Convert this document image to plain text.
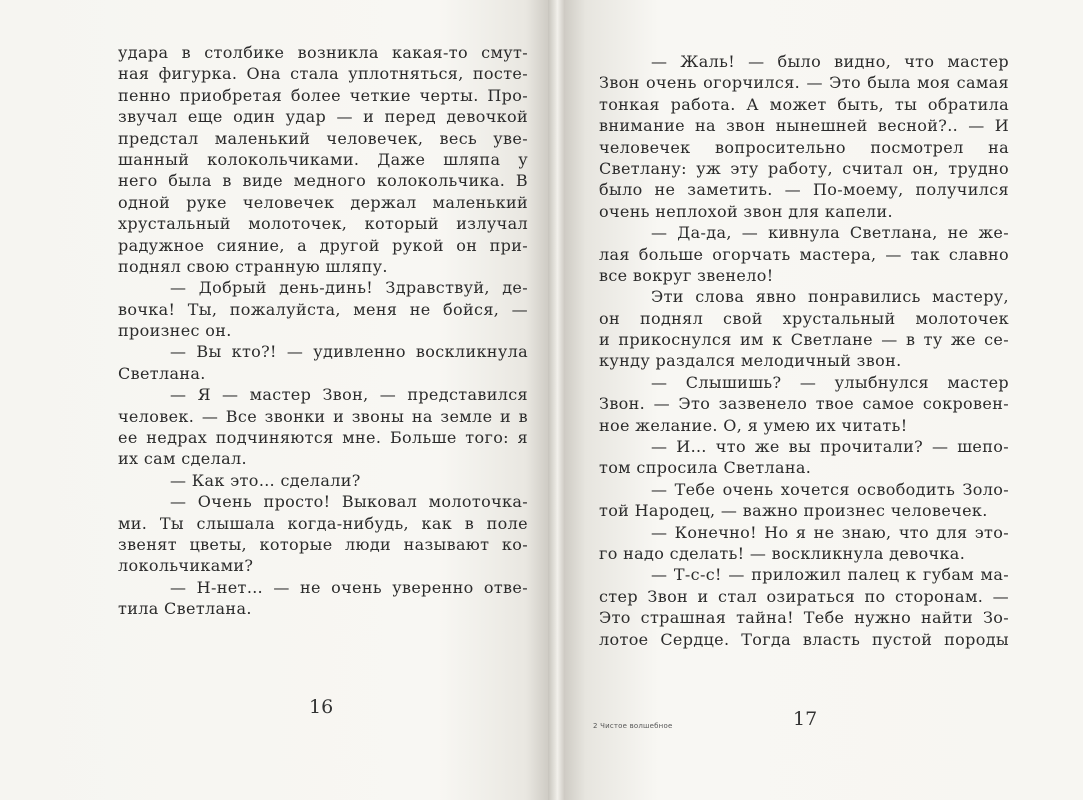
удара в столбике возникла какая-то смут-
ная фигурка. Она стала уплотняться, посте-
пенно приобретая более четкие черты. Про-
звучал еще один удар — и перед девочкой
предстал маленький человечек, весь уве-
шанный колокольчиками. Даже шляпа у
него была в виде медного колокольчика. В
одной руке человечек держал маленький
хрустальный молоточек, который излучал
радужное сияние, а другой рукой он при-
поднял свою странную шляпу.
— Добрый день-динь! Здравствуй, де-
вочка! Ты, пожалуйста, меня не бойся, —
произнес он.
— Вы кто?! — удивленно воскликнула
Светлана.
— Я — мастер Звон, — представился
человек. — Все звонки и звоны на земле и в
ее недрах подчиняются мне. Больше того: я
их сам сделал.
— Как это… сделали?
— Очень просто! Выковал молоточка-
ми. Ты слышала когда-нибудь, как в поле
звенят цветы, которые люди называют ко-
локольчиками?
— Н-нет… — не очень уверенно отве-
тила Светлана.
16
— Жаль! — было видно, что мастер
Звон очень огорчился. — Это была моя самая
тонкая работа. А может быть, ты обратила
внимание на звон нынешней весной?.. — И
человечек вопросительно посмотрел на
Светлану: уж эту работу, считал он, трудно
было не заметить. — По-моему, получился
очень неплохой звон для капели.
— Да-да, — кивнула Светлана, не же-
лая больше огорчать мастера, — так славно
все вокруг звенело!
Эти слова явно понравились мастеру,
он поднял свой хрустальный молоточек
и прикоснулся им к Светлане — в ту же се-
кунду раздался мелодичный звон.
— Слышишь? — улыбнулся мастер
Звон. — Это зазвенело твое самое сокровен-
ное желание. О, я умею их читать!
— И… что же вы прочитали? — шепо-
том спросила Светлана.
— Тебе очень хочется освободить Золо-
той Народец, — важно произнес человечек.
— Конечно! Но я не знаю, что для это-
го надо сделать! — воскликнула девочка.
— Т-с-с! — приложил палец к губам ма-
стер Звон и стал озираться по сторонам. —
Это страшная тайна! Тебе нужно найти Зо-
лотое Сердце. Тогда власть пустой породы
2 Чистое волшебное	17
